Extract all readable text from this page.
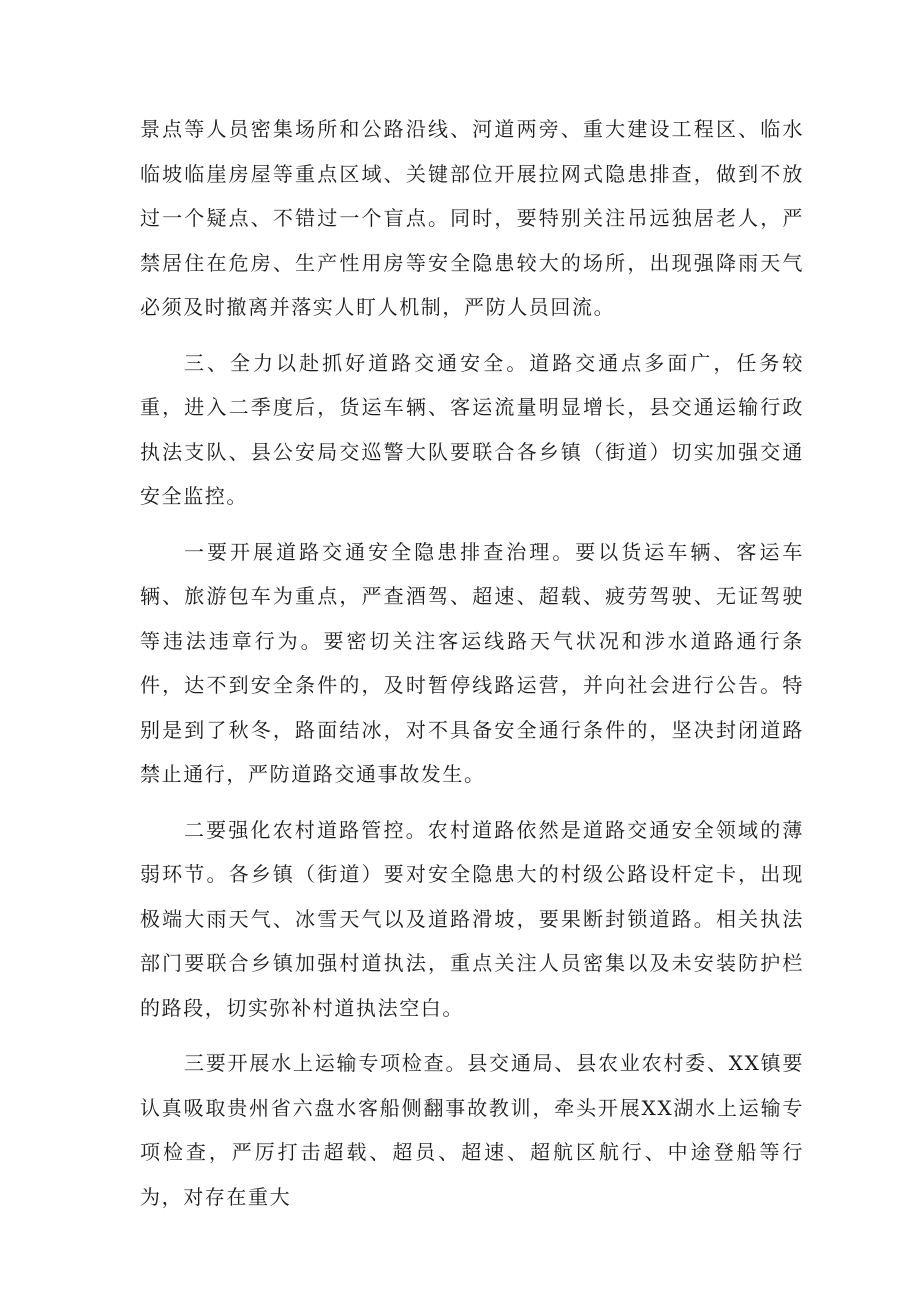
景点等人员密集场所和公路沿线、河道两旁、重大建设工程区、临水临坡临崖房屋等重点区域、关键部位开展拉网式隐患排查，做到不放过一个疑点、不错过一个盲点。同时，要特别关注吊远独居老人，严禁居住在危房、生产性用房等安全隐患较大的场所，出现强降雨天气必须及时撤离并落实人盯人机制，严防人员回流。

三、全力以赴抓好道路交通安全。道路交通点多面广，任务较重，进入二季度后，货运车辆、客运流量明显增长，县交通运输行政执法支队、县公安局交巡警大队要联合各乡镇（街道）切实加强交通安全监控。

一要开展道路交通安全隐患排查治理。要以货运车辆、客运车辆、旅游包车为重点，严查酒驾、超速、超载、疲劳驾驶、无证驾驶等违法违章行为。要密切关注客运线路天气状况和涉水道路通行条件，达不到安全条件的，及时暂停线路运营，并向社会进行公告。特别是到了秋冬，路面结冰，对不具备安全通行条件的，坚决封闭道路禁止通行，严防道路交通事故发生。

二要强化农村道路管控。农村道路依然是道路交通安全领域的薄弱环节。各乡镇（街道）要对安全隐患大的村级公路设杆定卡，出现极端大雨天气、冰雪天气以及道路滑坡，要果断封锁道路。相关执法部门要联合乡镇加强村道执法，重点关注人员密集以及未安装防护栏的路段，切实弥补村道执法空白。

三要开展水上运输专项检查。县交通局、县农业农村委、XX镇要认真吸取贵州省六盘水客船侧翻事故教训，牵头开展XX湖水上运输专项检查，严厉打击超载、超员、超速、超航区航行、中途登船等行为，对存在重大
